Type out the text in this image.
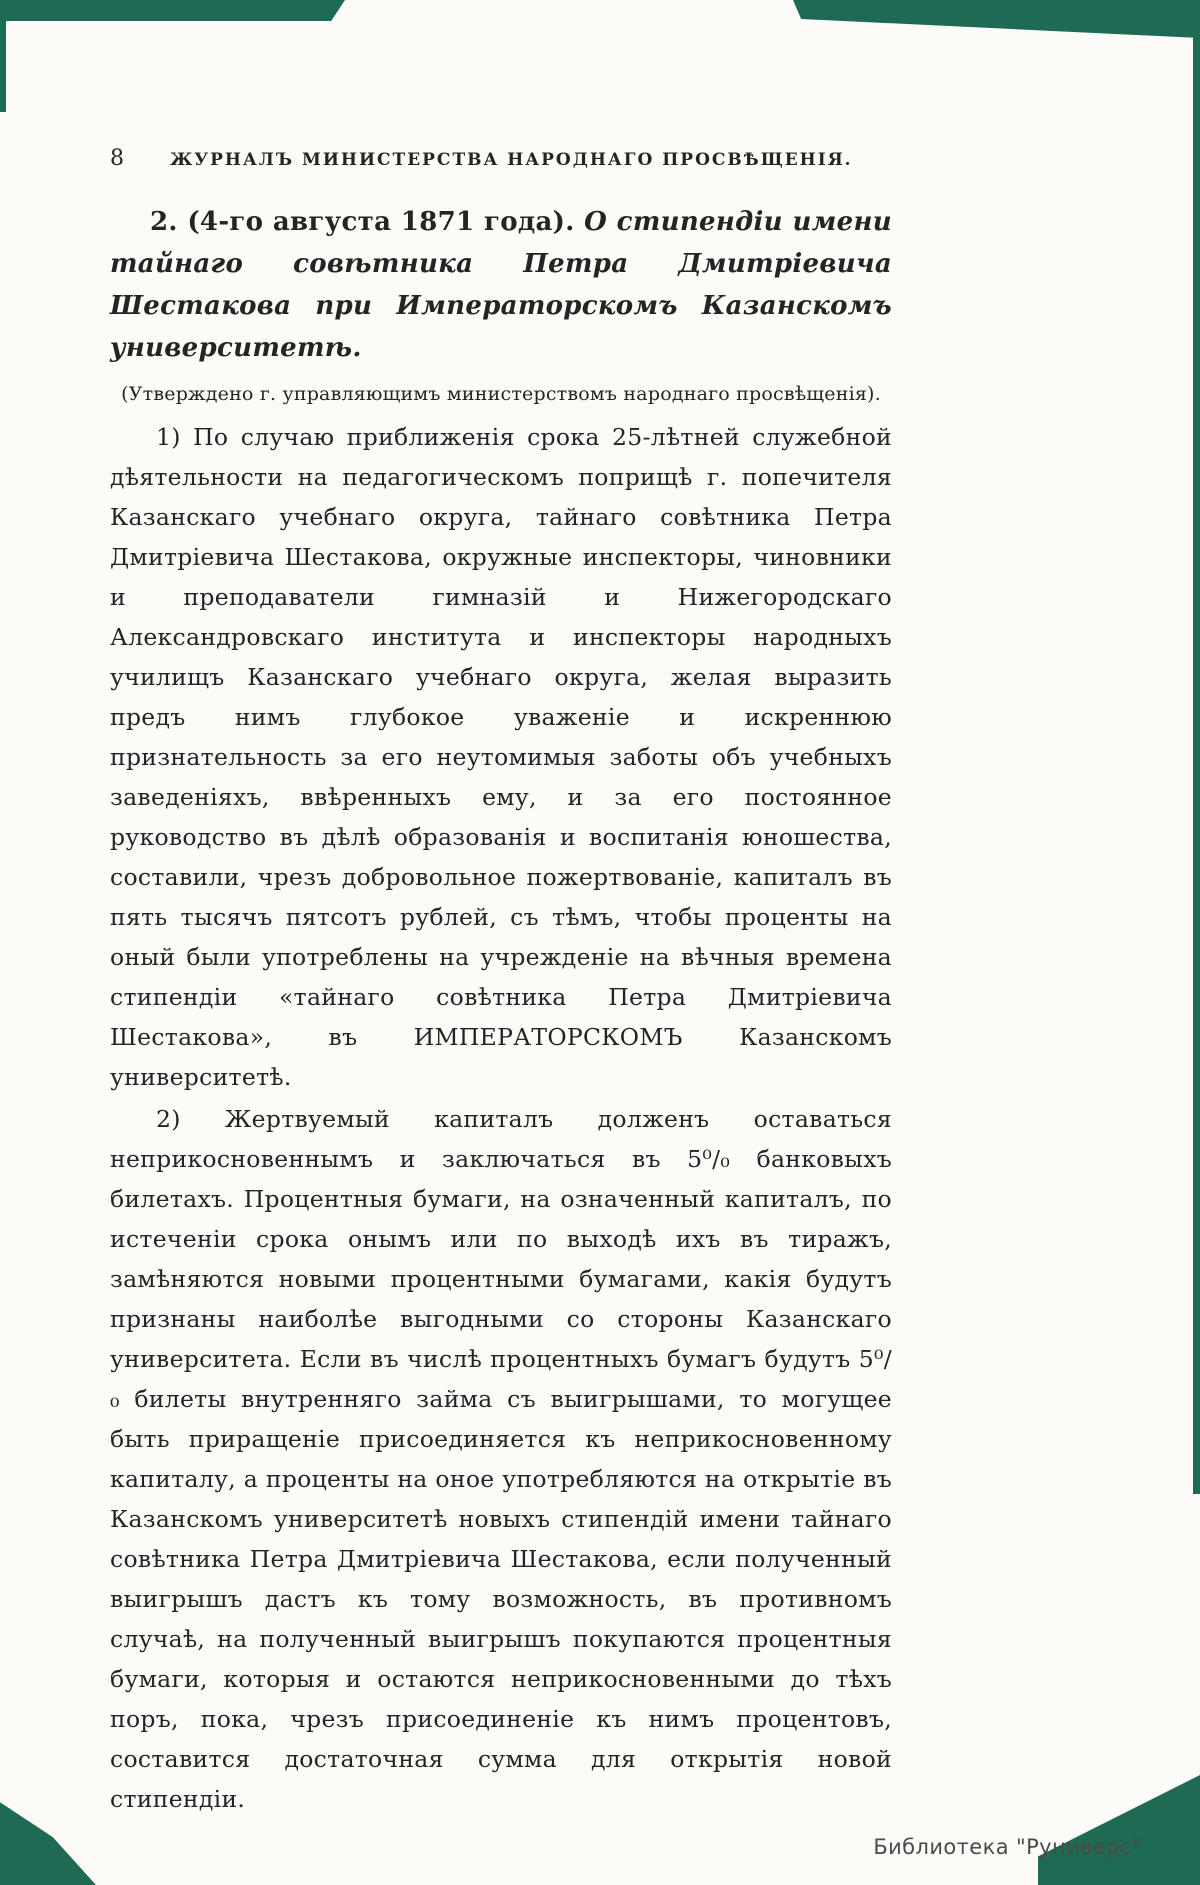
8	ЖУРНАЛЪ МИНИСТЕРСТВА НАРОДНАГО ПРОСВѢЩЕНІЯ.

2. (4-го августа 1871 года). О стипендіи имени тайнаго совѣтника Петра Дмитріевича Шестакова при Императорскомъ Казанскомъ университетѣ.

(Утверждено г. управляющимъ министерствомъ народнаго просвѣщенія).

1) По случаю приближенія срока 25-лѣтней служебной дѣятельности на педагогическомъ поприщѣ г. попечителя Казанскаго учебнаго округа, тайнаго совѣтника Петра Дмитріевича Шестакова, окружные инспекторы, чиновники и преподаватели гимназій и Нижегородскаго Александровскаго института и инспекторы народныхъ училищъ Казанскаго учебнаго округа, желая выразить предъ нимъ глубокое уваженіе и искреннюю признательность за его неутомимыя заботы объ учебныхъ заведеніяхъ, ввѣренныхъ ему, и за его постоянное руководство въ дѣлѣ образованія и воспитанія юношества, составили, чрезъ добровольное пожертвованіе, капиталъ въ пять тысячъ пятсотъ рублей, съ тѣмъ, чтобы проценты на оный были употреблены на учрежденіе на вѣчныя времена стипендіи «тайнаго совѣтника Петра Дмитріевича Шестакова», въ ИМПЕРАТОРСКОМЪ Казанскомъ университетѣ.

2) Жертвуемый капиталъ долженъ оставаться неприкосновеннымъ и заключаться въ 5⁰/₀ банковыхъ билетахъ. Процентныя бумаги, на означенный капиталъ, по истеченіи срока онымъ или по выходѣ ихъ въ тиражъ, замѣняются новыми процентными бумагами, какія будутъ признаны наиболѣе выгодными со стороны Казанскаго университета. Если въ числѣ процентныхъ бумагъ будутъ 5⁰/₀ билеты внутренняго займа съ выигрышами, то могущее быть приращеніе присоединяется къ неприкосновенному капиталу, а проценты на оное употребляются на открытіе въ Казанскомъ университетѣ новыхъ стипендій имени тайнаго совѣтника Петра Дмитріевича Шестакова, если полученный выигрышъ дастъ къ тому возможность, въ противномъ случаѣ, на полученный выигрышъ покупаются процентныя бумаги, которыя и остаются неприкосновенными до тѣхъ поръ, пока, чрезъ присоединеніе къ нимъ процентовъ, составится достаточная сумма для открытія новой стипендіи.

Библиотека "Руниверс"
